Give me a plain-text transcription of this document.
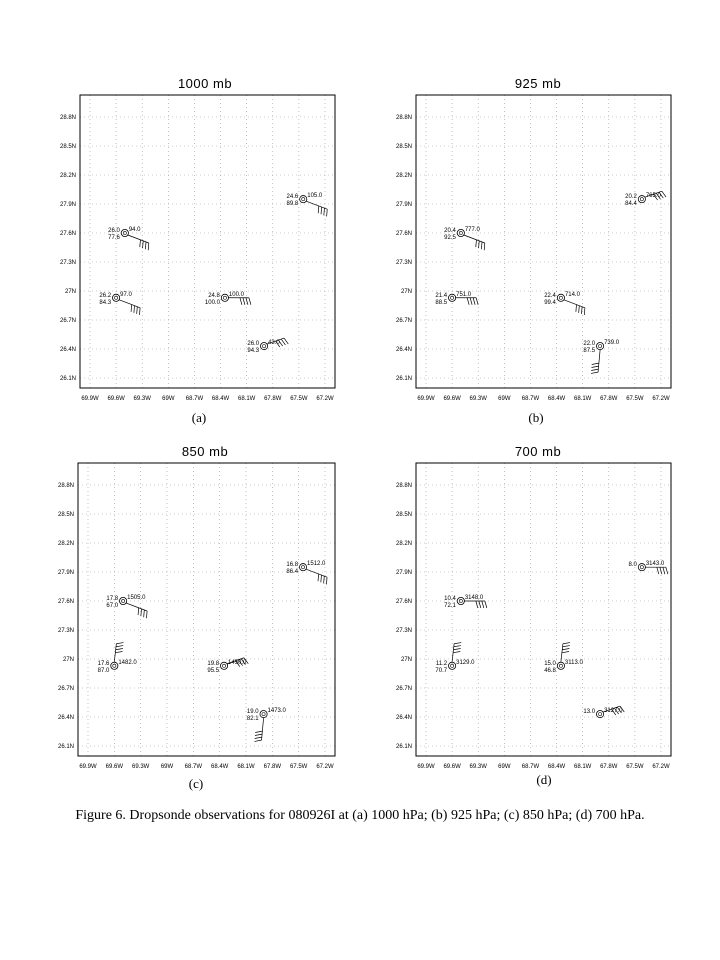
1000 mb
69.9W 69.6W 69.3W 69W 68.7W 68.4W 68.1W 67.8W 67.5W 67.2W
28.8N
28.5N
28.2N
27.9N
27.6N
27.3N
27N
26.7N
26.4N
26.1N
24.6
89.8
105.0
26.0
77.6
94.0
26.2
84.3
97.0	24.8
100.0
100.0
26.0
94.3
43.0
(a)
925 mb
69.9W 69.6W 69.3W 69W 68.7W 68.4W 68.1W 67.8W 67.5W 67.2W
28.8N
28.5N
28.2N
27.9N
27.6N
27.3N
27N
26.7N
26.4N
26.1N
20.2
84.4
765.0
20.4
92.5
777.0
21.4
88.5
751.0	22.4
99.4
714.0
22.0
87.5
739.0
(b)
850 mb
69.9W 69.6W 69.3W 69W 68.7W 68.4W 68.1W 67.8W 67.5W 67.2W
28.8N
28.5N
28.2N
27.9N
27.6N
27.3N
27N
26.7N
26.4N
26.1N
16.8
86.4
1512.0
17.8
67.0
1505.0
17.6
87.0
1482.0	19.8
95.5
1450.0
19.0
82.1
1473.0
(c)
700 mb
69.9W 69.6W 69.3W 69W 68.7W 68.4W 68.1W 67.8W 67.5W 67.2W
28.8N
28.5N
28.2N
27.9N
27.6N
27.3N
27N
26.7N
26.4N
26.1N
8.0 3143.0
10.4
72.1
3148.0
11.2
70.7
3129.0	15.0
46.8
3113.0
13.0 3127.0
(d)
Figure 6. Dropsonde observations for 080926I at (a) 1000 hPa; (b) 925 hPa; (c) 850 hPa; (d) 700 hPa.
